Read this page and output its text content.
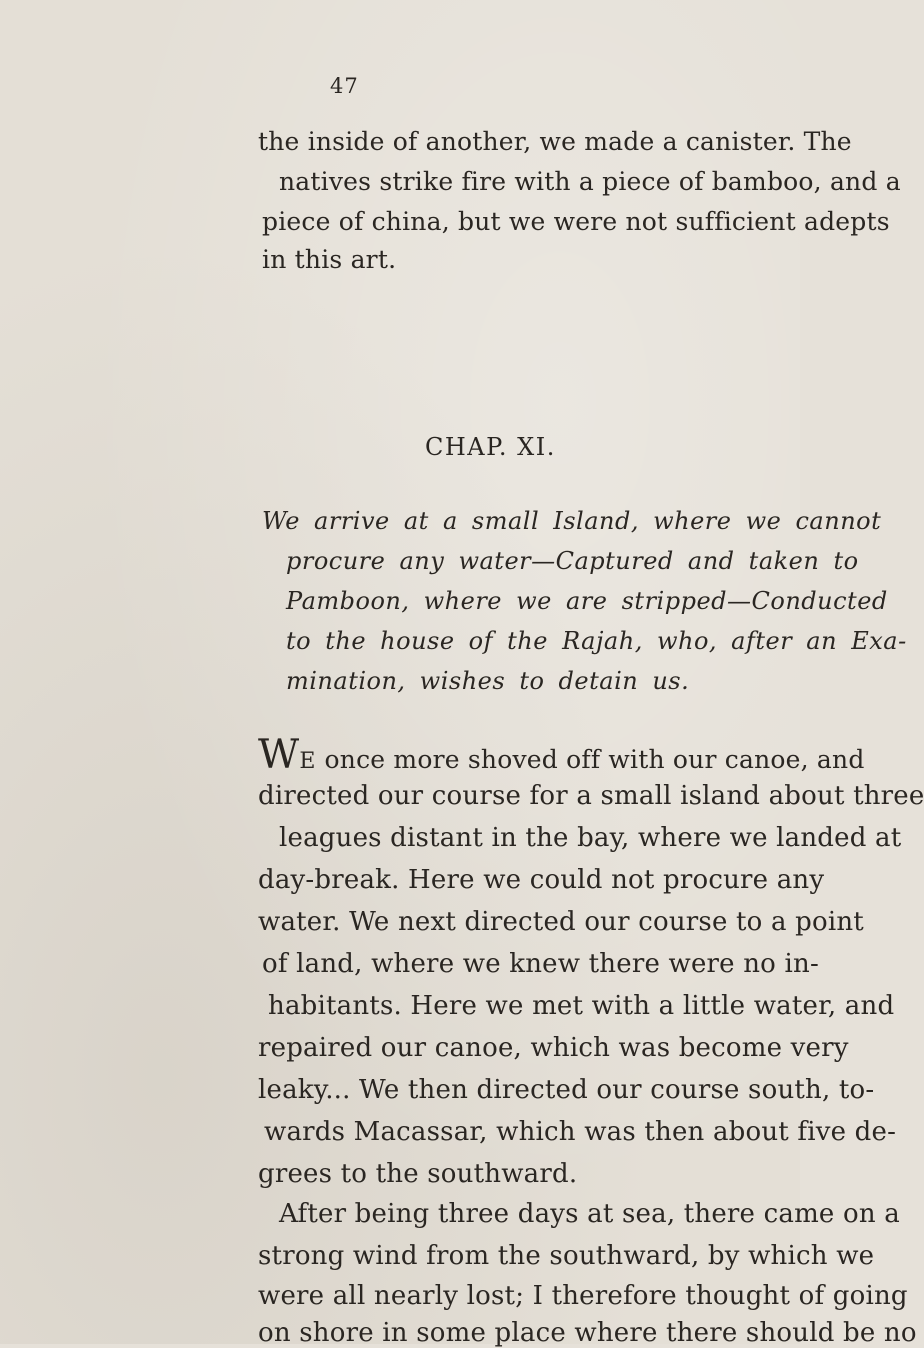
47
the inside of another, we made a canister. The
natives strike fire with a piece of bamboo, and a
piece of china, but we were not sufficient adepts
in this art.
CHAP. XI.
We arrive at a small Island, where we cannot
procure any water—Captured and taken to
Pamboon, where we are stripped—Conducted
to the house of the Rajah, who, after an Exa-
mination, wishes to detain us.
WE once more shoved off with our canoe, and
directed our course for a small island about three
leagues distant in the bay, where we landed at
day-break. Here we could not procure any
water. We next directed our course to a point
of land, where we knew there were no in-
habitants. Here we met with a little water, and
repaired our canoe, which was become very
leaky... We then directed our course south, to-
wards Macassar, which was then about five de-
grees to the southward.
After being three days at sea, there came on a
strong wind from the southward, by which we
were all nearly lost; I therefore thought of going
on shore in some place where there should be no
